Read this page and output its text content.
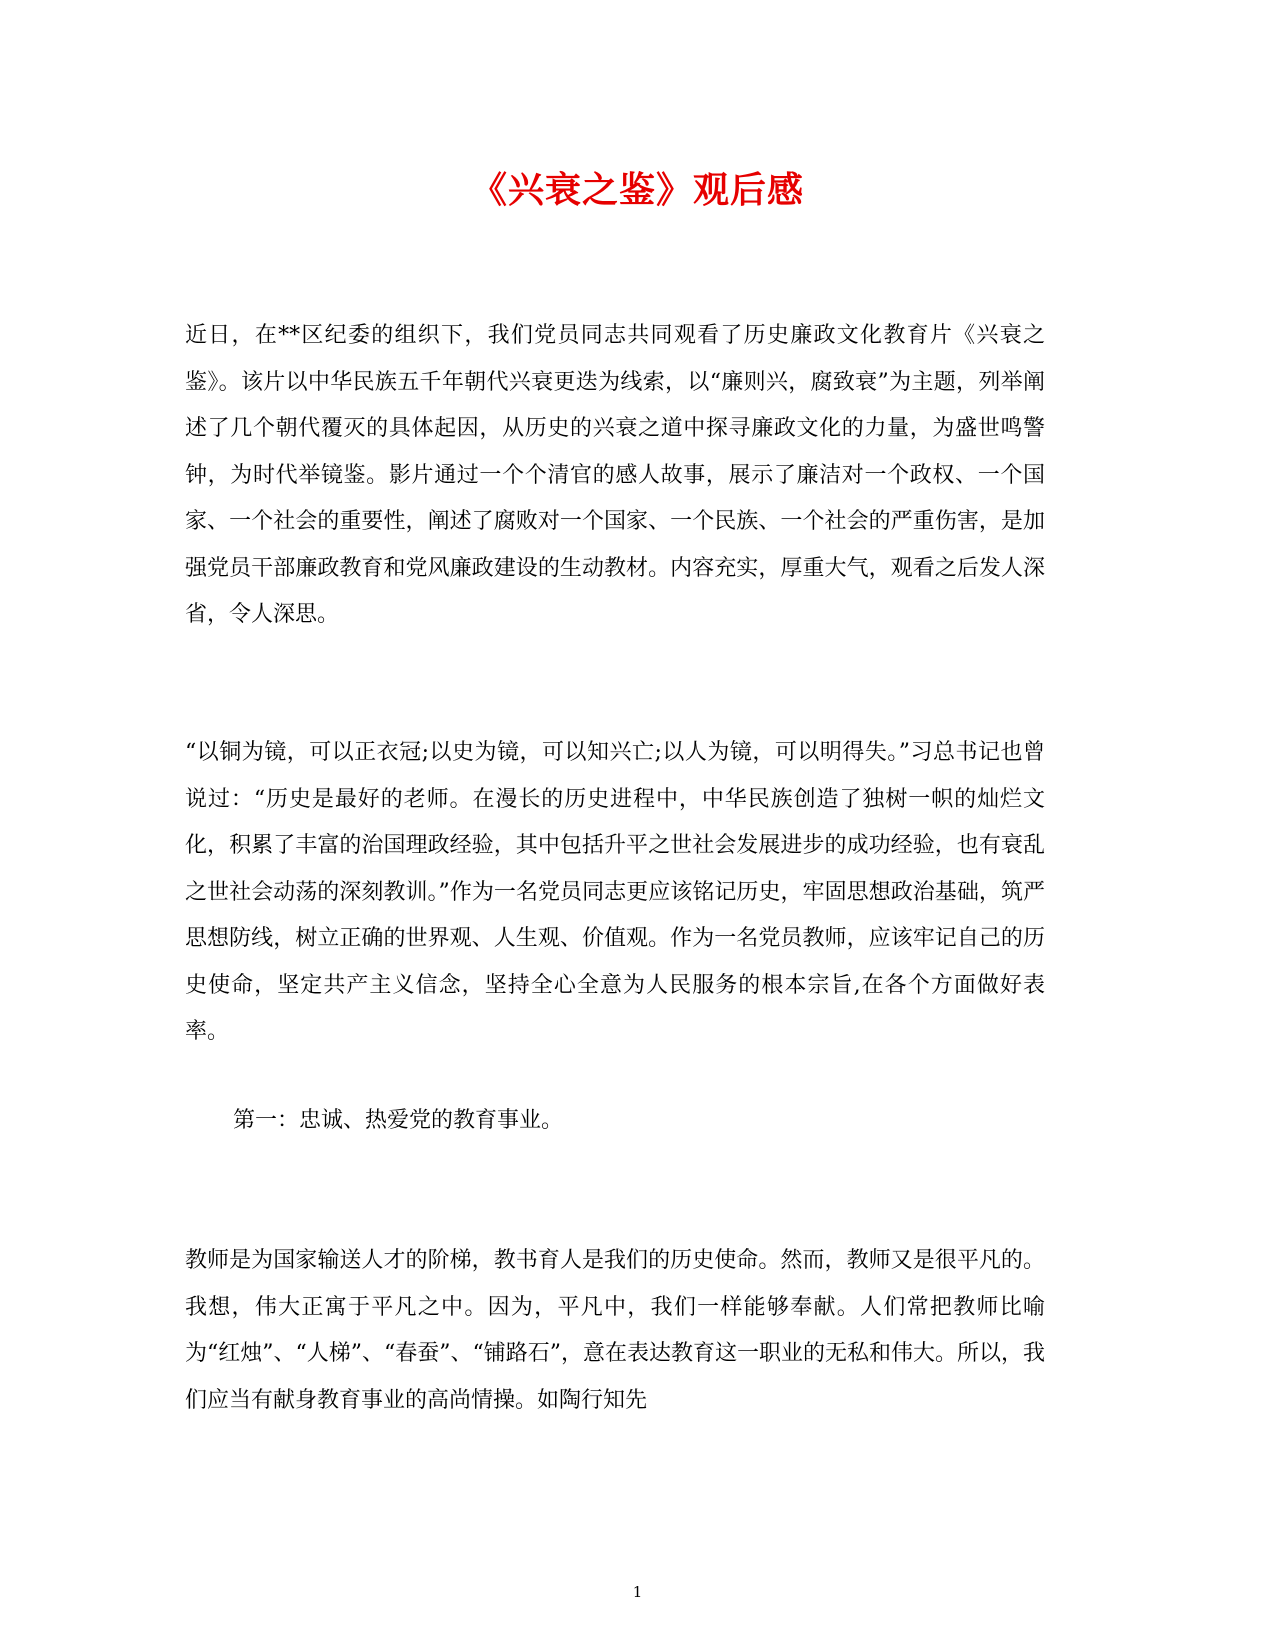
《兴衰之鉴》观后感
近日，在**区纪委的组织下，我们党员同志共同观看了历史廉政文化教育片《兴衰之鉴》。该片以中华民族五千年朝代兴衰更迭为线索，以“廉则兴，腐致衰”为主题，列举阐述了几个朝代覆灭的具体起因，从历史的兴衰之道中探寻廉政文化的力量，为盛世鸣警钟，为时代举镜鉴。影片通过一个个清官的感人故事，展示了廉洁对一个政权、一个国家、一个社会的重要性，阐述了腐败对一个国家、一个民族、一个社会的严重伤害，是加强党员干部廉政教育和党风廉政建设的生动教材。内容充实，厚重大气，观看之后发人深省，令人深思。
“以铜为镜，可以正衣冠;以史为镜，可以知兴亡;以人为镜，可以明得失。”习总书记也曾说过：“历史是最好的老师。在漫长的历史进程中，中华民族创造了独树一帜的灿烂文化，积累了丰富的治国理政经验，其中包括升平之世社会发展进步的成功经验，也有衰乱之世社会动荡的深刻教训。”作为一名党员同志更应该铭记历史，牢固思想政治基础，筑严思想防线，树立正确的世界观、人生观、价值观。作为一名党员教师，应该牢记自己的历史使命，坚定共产主义信念，坚持全心全意为人民服务的根本宗旨,在各个方面做好表率。
第一：忠诚、热爱党的教育事业。
教师是为国家输送人才的阶梯，教书育人是我们的历史使命。然而，教师又是很平凡的。我想，伟大正寓于平凡之中。因为，平凡中，我们一样能够奉献。人们常把教师比喻为“红烛”、“人梯”、“春蚕”、“铺路石”，意在表达教育这一职业的无私和伟大。所以，我们应当有献身教育事业的高尚情操。如陶行知先
1
